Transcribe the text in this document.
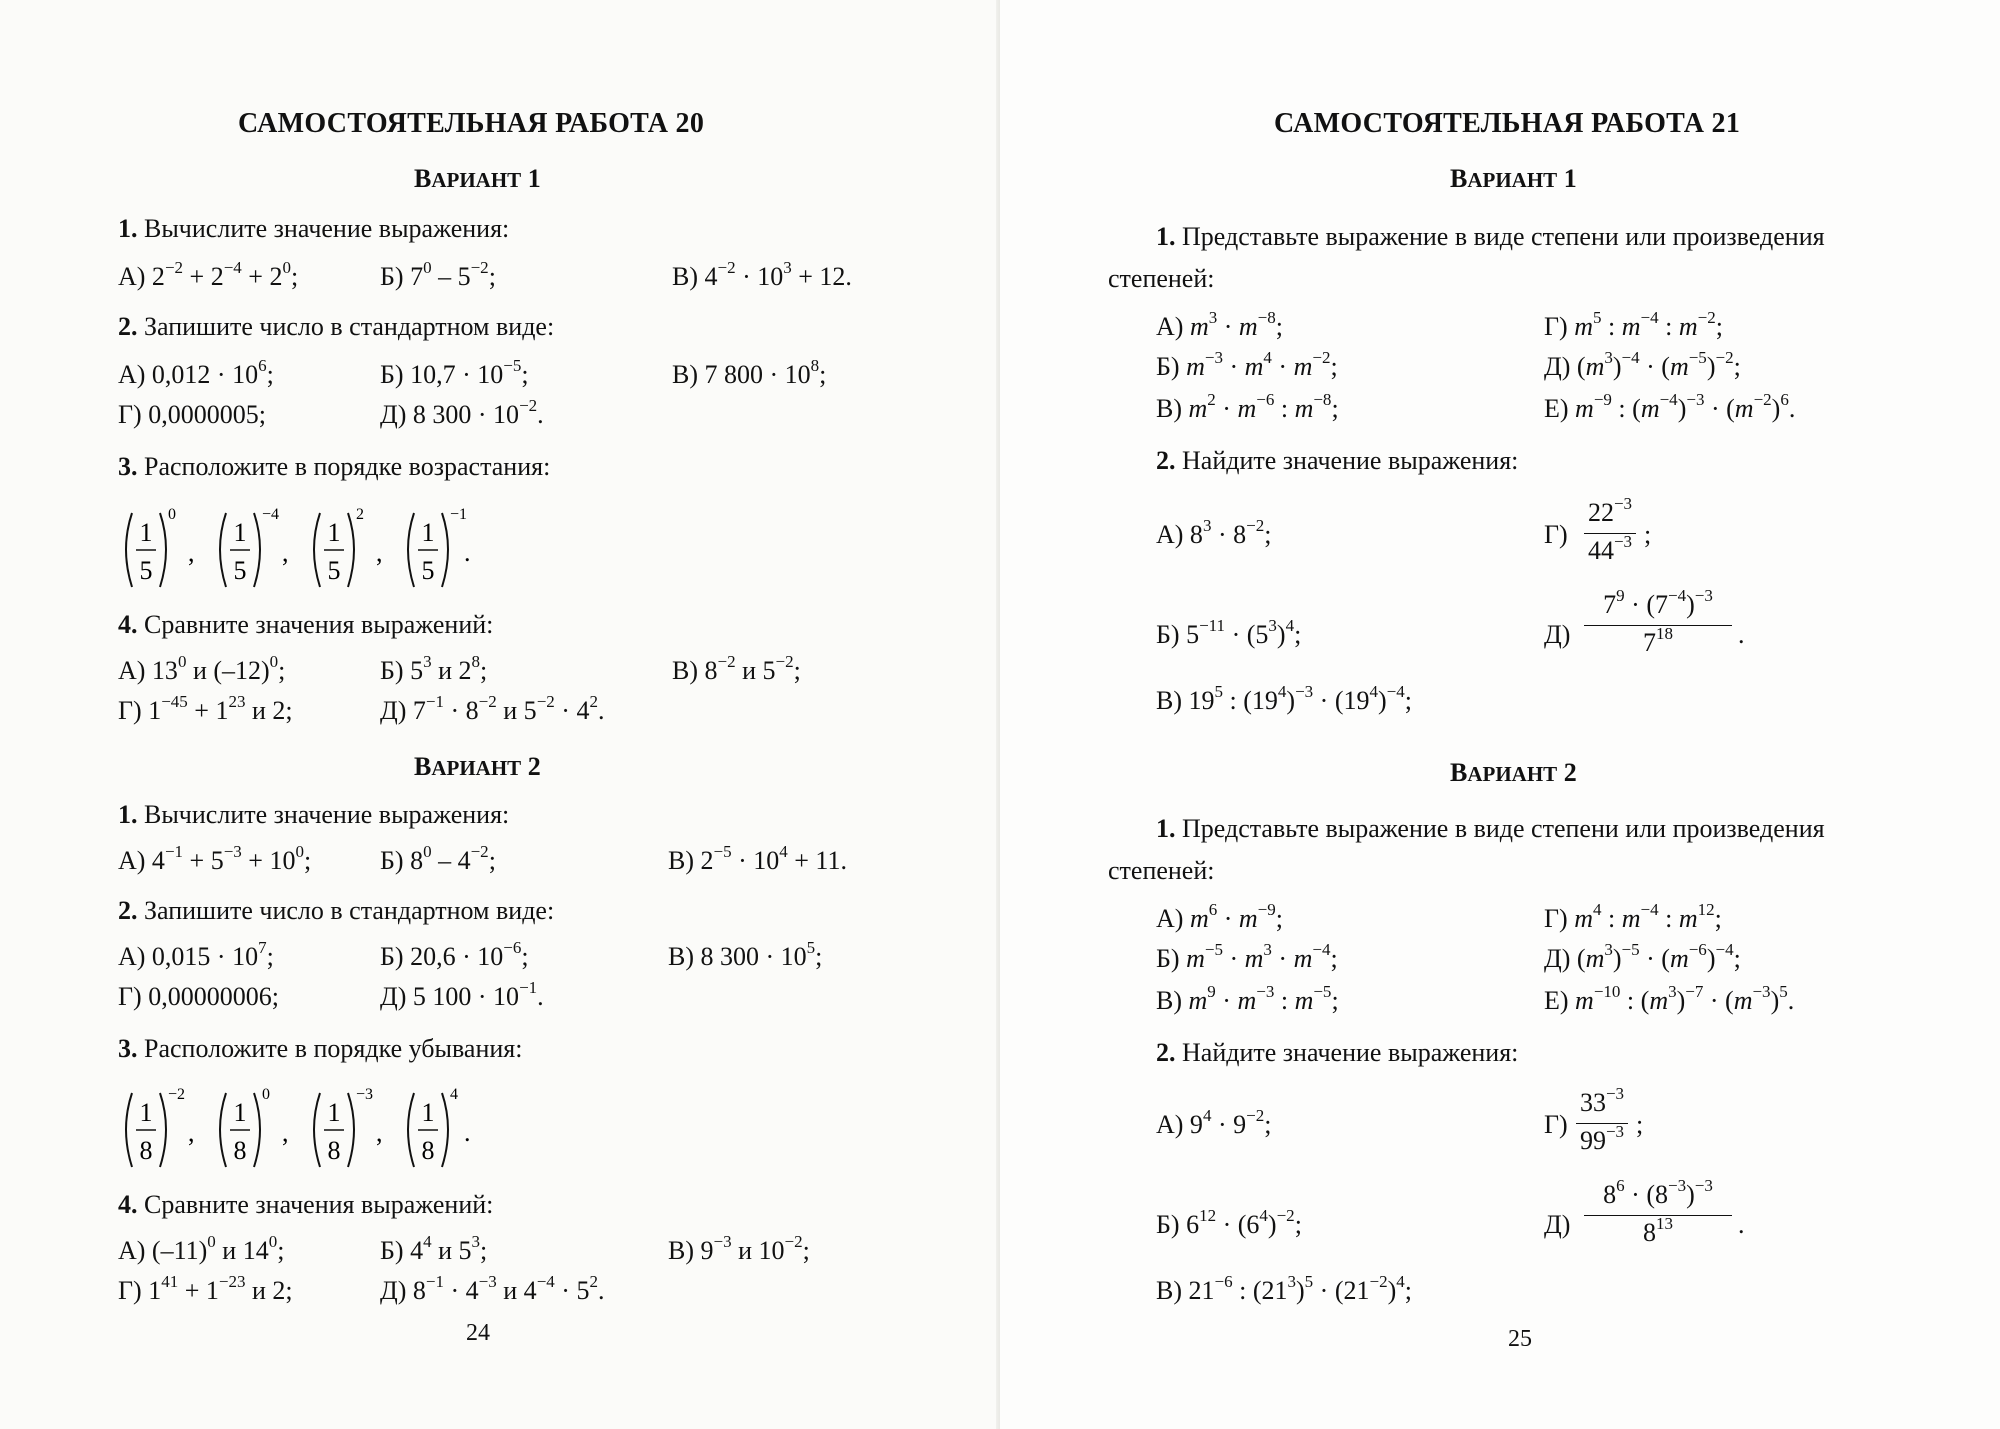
САМОСТОЯТЕЛЬНАЯ РАБОТА 20
ВАРИАНТ 1
1. Вычислите значение выражения:
А) $2^{-2} + 2^{-4} + 2^0$;	Б) $7^0 - 5^{-2}$;	В) $4^{-2} \cdot 10^3 + 12$.
2. Запишите число в стандартном виде:
А) $0,012 \cdot 10^6$;	Б) $10,7 \cdot 10^{-5}$;	В) 7 $800 \cdot 10^8$;
Г) 0,0000005;	Д) 8 $300 \cdot 10^{-2}$.
3. Расположите в порядке возрастания:
1
5
0
,
1
5
−4
,
1
5
2
,
1
5
−1
.
4. Сравните значения выражений:
А) $13^0$ и $(-12)^0$;	Б) $5^3$ и $2^8$;	В) $8^{-2}$ и $5^{-2}$;
Г) $1^{-45} + 1^{23}$ и 2;	Д) $7^{-1} \cdot 8^{-2}$ и $5^{-2} \cdot 4^2$.
ВАРИАНТ 2
1. Вычислите значение выражения:
А) $4^{-1} + 5^{-3} + 10^0$;	Б) $8^0 - 4^{-2}$;	В) $2^{-5} \cdot 10^4 + 11$.
2. Запишите число в стандартном виде:
А) $0,015 \cdot 10^7$;	Б) $20,6 \cdot 10^{-6}$;	В) 8 $300 \cdot 10^5$;
Г) 0,00000006;	Д) 5 $100 \cdot 10^{-1}$.
3. Расположите в порядке убывания:
1
8
−2
,
1
8
0
,
1
8
−3
,
1
8
4
.
4. Сравните значения выражений:
А) $(-11)^0$ и $14^0$;	Б) $4^4$ и $5^3$;	В) $9^{-3}$ и $10^{-2}$;
Г) $1^{41} + 1^{-23}$ и 2;	Д) $8^{-1} \cdot 4^{-3}$ и $4^{-4} \cdot 5^2$.
24
САМОСТОЯТЕЛЬНАЯ РАБОТА 21
ВАРИАНТ 1
1. Представьте выражение в виде степени или произведения
степеней:
А) $m^3 \cdot m^{-8}$;	Г) $m^5$ : $m^{-4}$ : $m^{-2}$;
Б) $m^{-3} \cdot m^4 \cdot m^{-2}$;	Д) $(m^3)^{-4} \cdot (m^{-5})^{-2}$;
В) $m^2 \cdot m^{-6}$ : $m^{-8}$;	Е) $m^{-9}$ : $(m^{-4})^{-3} \cdot (m^{-2})^6$.
2. Найдите значение выражения:
А) $8^3 \cdot 8^{-2}$;	Г)
$22^{-3}$
$44^{-3}$ ;
Б) $5^{-11} \cdot (5^3)^4$;	Д)
$7^9 \cdot (7^{-4})^{-3}$
$7^{18}$	.
В) $19^5$ : $(19^4)^{-3} \cdot (19^4)^{-4}$;
ВАРИАНТ 2
1. Представьте выражение в виде степени или произведения
степеней:
А) $m^6 \cdot m^{-9}$;	Г) $m^4$ : $m^{-4}$ : $m^{12}$;
Б) $m^{-5} \cdot m^3 \cdot m^{-4}$;	Д) $(m^3)^{-5} \cdot (m^{-6})^{-4}$;
В) $m^9 \cdot m^{-3}$ : $m^{-5}$;	Е) $m^{-10}$ : $(m^3)^{-7} \cdot (m^{-3})^5$.
2. Найдите значение выражения:
А) $9^4 \cdot 9^{-2}$;	Г)
$33^{-3}$
$99^{-3}$ ;
Б) $6^{12} \cdot (6^4)^{-2}$;	Д)
$8^6 \cdot (8^{-3})^{-3}$
$8^{13}$	.
В) $21^{-6}$ : $(21^3)^5 \cdot (21^{-2})^4$;
25
